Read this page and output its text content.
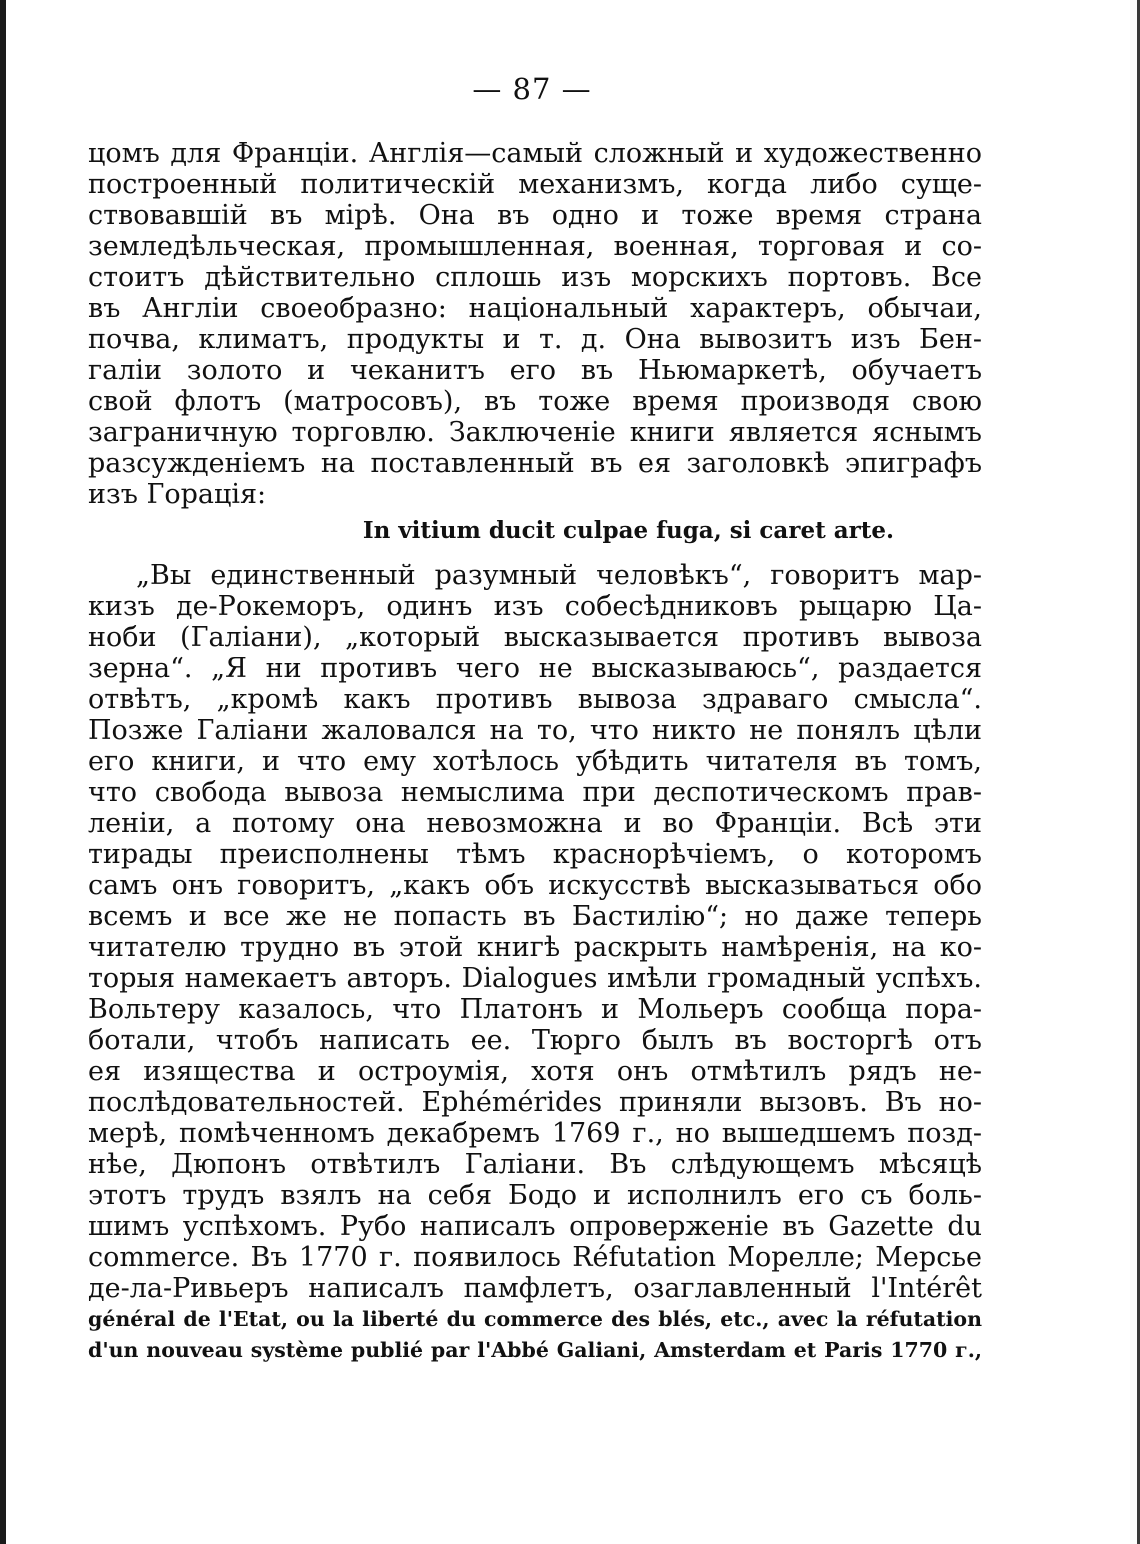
— 87 —
цомъ для Франціи. Англія—самый сложный и художественно
построенный политическій механизмъ, когда либо суще-
ствовавшій въ мірѣ. Она въ одно и тоже время страна
земледѣльческая, промышленная, военная, торговая и со-
стоитъ дѣйствительно сплошь изъ морскихъ портовъ. Все
въ Англіи своеобразно: національный характеръ, обычаи,
почва, климатъ, продукты и т. д. Она вывозитъ изъ Бен-
галіи золото и чеканитъ его въ Ньюмаркетѣ, обучаетъ
свой флотъ (матросовъ), въ тоже время производя свою
заграничную торговлю. Заключеніе книги является яснымъ
разсужденіемъ на поставленный въ ея заголовкѣ эпиграфъ
изъ Горація:
In vitium ducit culpae fuga, si caret arte.
„Вы единственный разумный человѣкъ“, говоритъ мар-
кизъ де-Рокеморъ, одинъ изъ собесѣдниковъ рыцарю Ца-
ноби (Галіани), „который высказывается противъ вывоза
зерна“. „Я ни противъ чего не высказываюсь“, раздается
отвѣтъ, „кромѣ какъ противъ вывоза здраваго смысла“.
Позже Галіани жаловался на то, что никто не понялъ цѣли
его книги, и что ему хотѣлось убѣдить читателя въ томъ,
что свобода вывоза немыслима при деспотическомъ прав-
леніи, а потому она невозможна и во Франціи. Всѣ эти
тирады преисполнены тѣмъ краснорѣчіемъ, о которомъ
самъ онъ говоритъ, „какъ объ искусствѣ высказываться обо
всемъ и все же не попасть въ Бастилію“; но даже теперь
читателю трудно въ этой книгѣ раскрыть намѣренія, на ко-
торыя намекаетъ авторъ. Dialogues имѣли громадный успѣхъ.
Вольтеру казалось, что Платонъ и Мольеръ сообща пора-
ботали, чтобъ написать ее. Тюрго былъ въ восторгѣ отъ
ея изящества и остроумія, хотя онъ отмѣтилъ рядъ не-
послѣдовательностей. Ephémérides приняли вызовъ. Въ но-
мерѣ, помѣченномъ декабремъ 1769 г., но вышедшемъ позд-
нѣе, Дюпонъ отвѣтилъ Галіани. Въ слѣдующемъ мѣсяцѣ
этотъ трудъ взялъ на себя Бодо и исполнилъ его съ боль-
шимъ успѣхомъ. Рубо написалъ опроверженіе въ Gazette du
commerce. Въ 1770 г. появилось Réfutation Морелле; Мерсье
де-ла-Ривьеръ написалъ памфлетъ, озаглавленный l'Intérêt
général de l'Etat, ou la liberté du commerce des blés, etc., avec la réfutation
d'un nouveau système publié par l'Abbé Galiani, Amsterdam et Paris 1770 г.,
